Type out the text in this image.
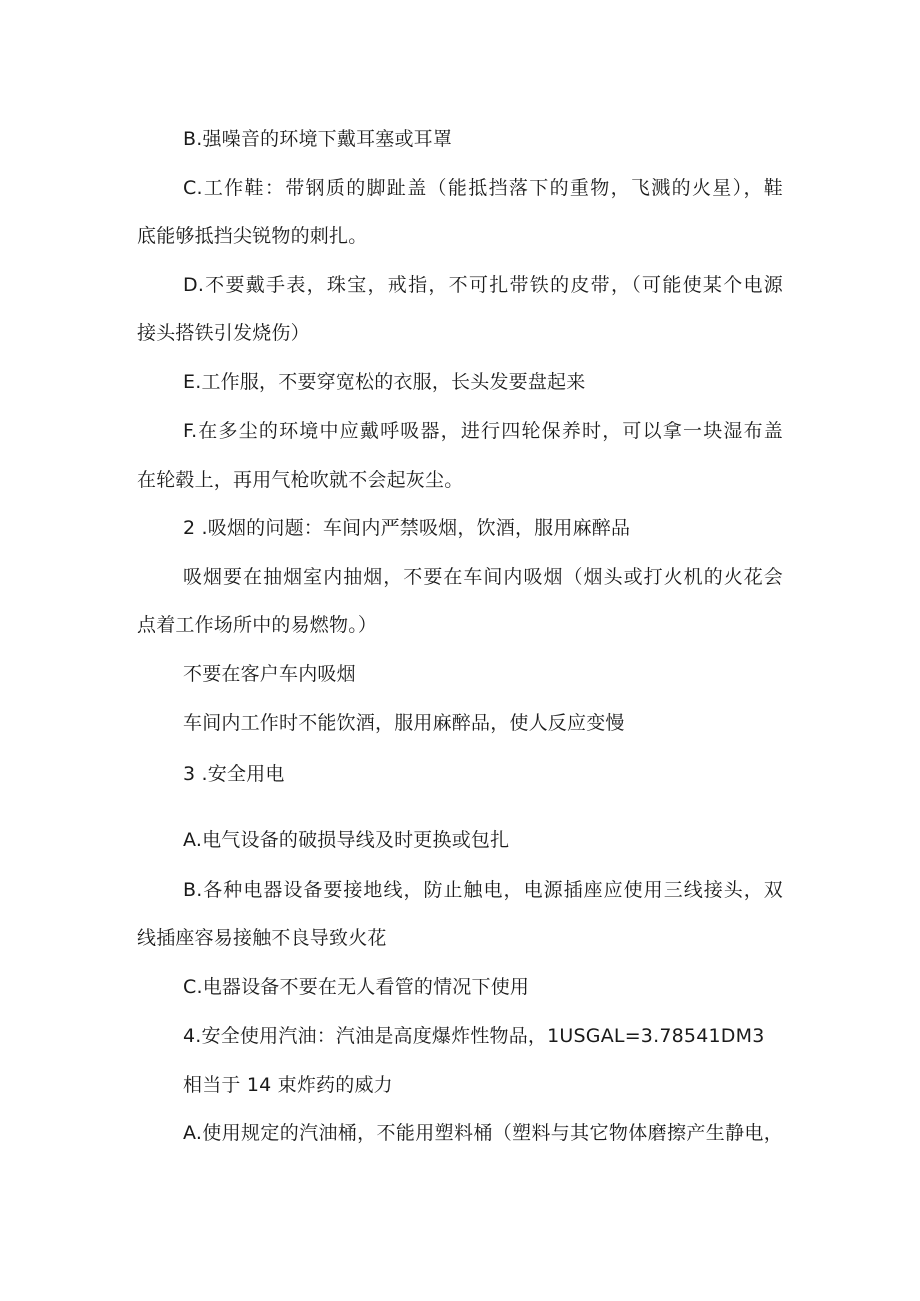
B.强噪音的环境下戴耳塞或耳罩
C.工作鞋：带钢质的脚趾盖（能抵挡落下的重物，飞溅的火星），鞋
底能够抵挡尖锐物的刺扎。
D.不要戴手表，珠宝，戒指，不可扎带铁的皮带，（可能使某个电源
接头搭铁引发烧伤）
E.工作服，不要穿宽松的衣服，长头发要盘起来
F.在多尘的环境中应戴呼吸器，进行四轮保养时，可以拿一块湿布盖
在轮毂上，再用气枪吹就不会起灰尘。
2 .吸烟的问题：车间内严禁吸烟，饮酒，服用麻醉品
吸烟要在抽烟室内抽烟，不要在车间内吸烟（烟头或打火机的火花会
点着工作场所中的易燃物。）
不要在客户车内吸烟
车间内工作时不能饮酒，服用麻醉品，使人反应变慢
3 .安全用电
A.电气设备的破损导线及时更换或包扎
B.各种电器设备要接地线，防止触电，电源插座应使用三线接头，双
线插座容易接触不良导致火花
C.电器设备不要在无人看管的情况下使用
4.安全使用汽油：汽油是高度爆炸性物品，1USGAL=3.78541DM3
相当于 14 束炸药的威力
A.使用规定的汽油桶，不能用塑料桶（塑料与其它物体磨擦产生静电，
